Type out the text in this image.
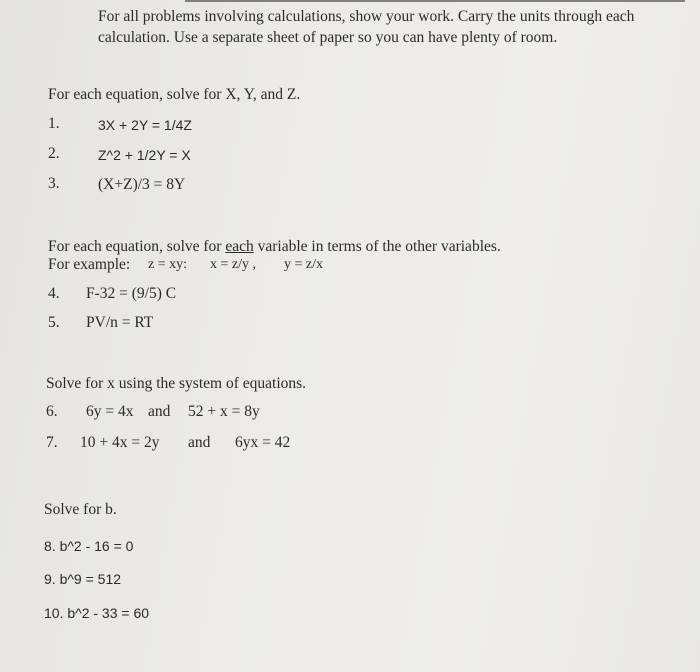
For all problems involving calculations, show your work. Carry the units through each
calculation. Use a separate sheet of paper so you can have plenty of room.
For each equation, solve for X, Y, and Z.
1.	3X + 2Y = 1/4Z
2.	Z^2 + 1/2Y = X
3. (X+Z)/3 = 8Y
For each equation, solve for each variable in terms of the other variables.
For example: z = xy: x = z/y , y = z/x
4. F-32 = (9/5) C
5. PV/n = RT
Solve for x using the system of equations.
6. 6y = 4x and 52 + x = 8y
7. 10 + 4x = 2y and 6yx = 42
Solve for b.
8. b^2 - 16 = 0
9. b^9 = 512
10. b^2 - 33 = 60
